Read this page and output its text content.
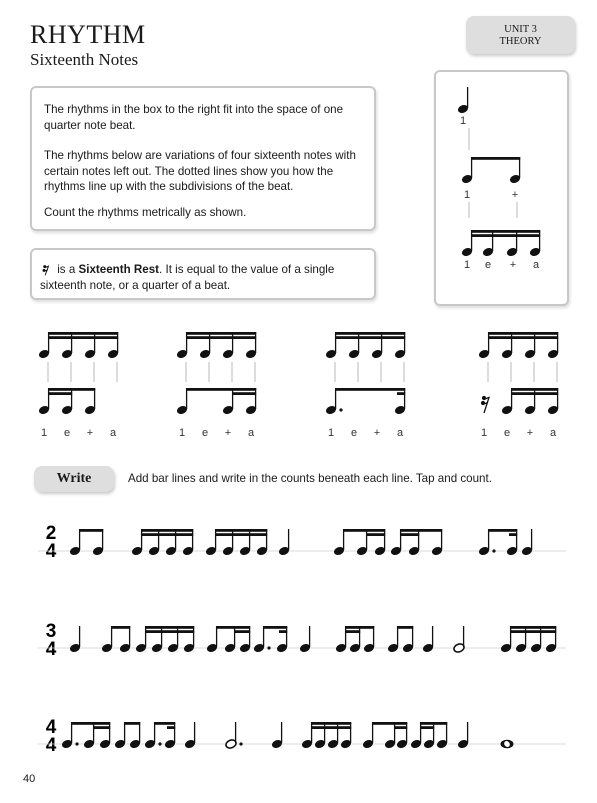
RHYTHM
Sixteenth Notes
UNIT 3
THEORY

The rhythms in the box to the right fit into the space of one quarter note beat.

The rhythms below are variations of four sixteenth notes with certain notes left out. The dotted lines show you how the rhythms line up with the subdivisions of the beat.

Count the rhythms metrically as shown.

is a Sixteenth Rest. It is equal to the value of a single sixteenth note, or a quarter of a beat.

Write	Add bar lines and write in the counts beneath each line. Tap and count.
40
1
1	+
1 e + a
1 e + a	1 e + a	1 e + a	1 e + a
2
4
3
4
4
4
